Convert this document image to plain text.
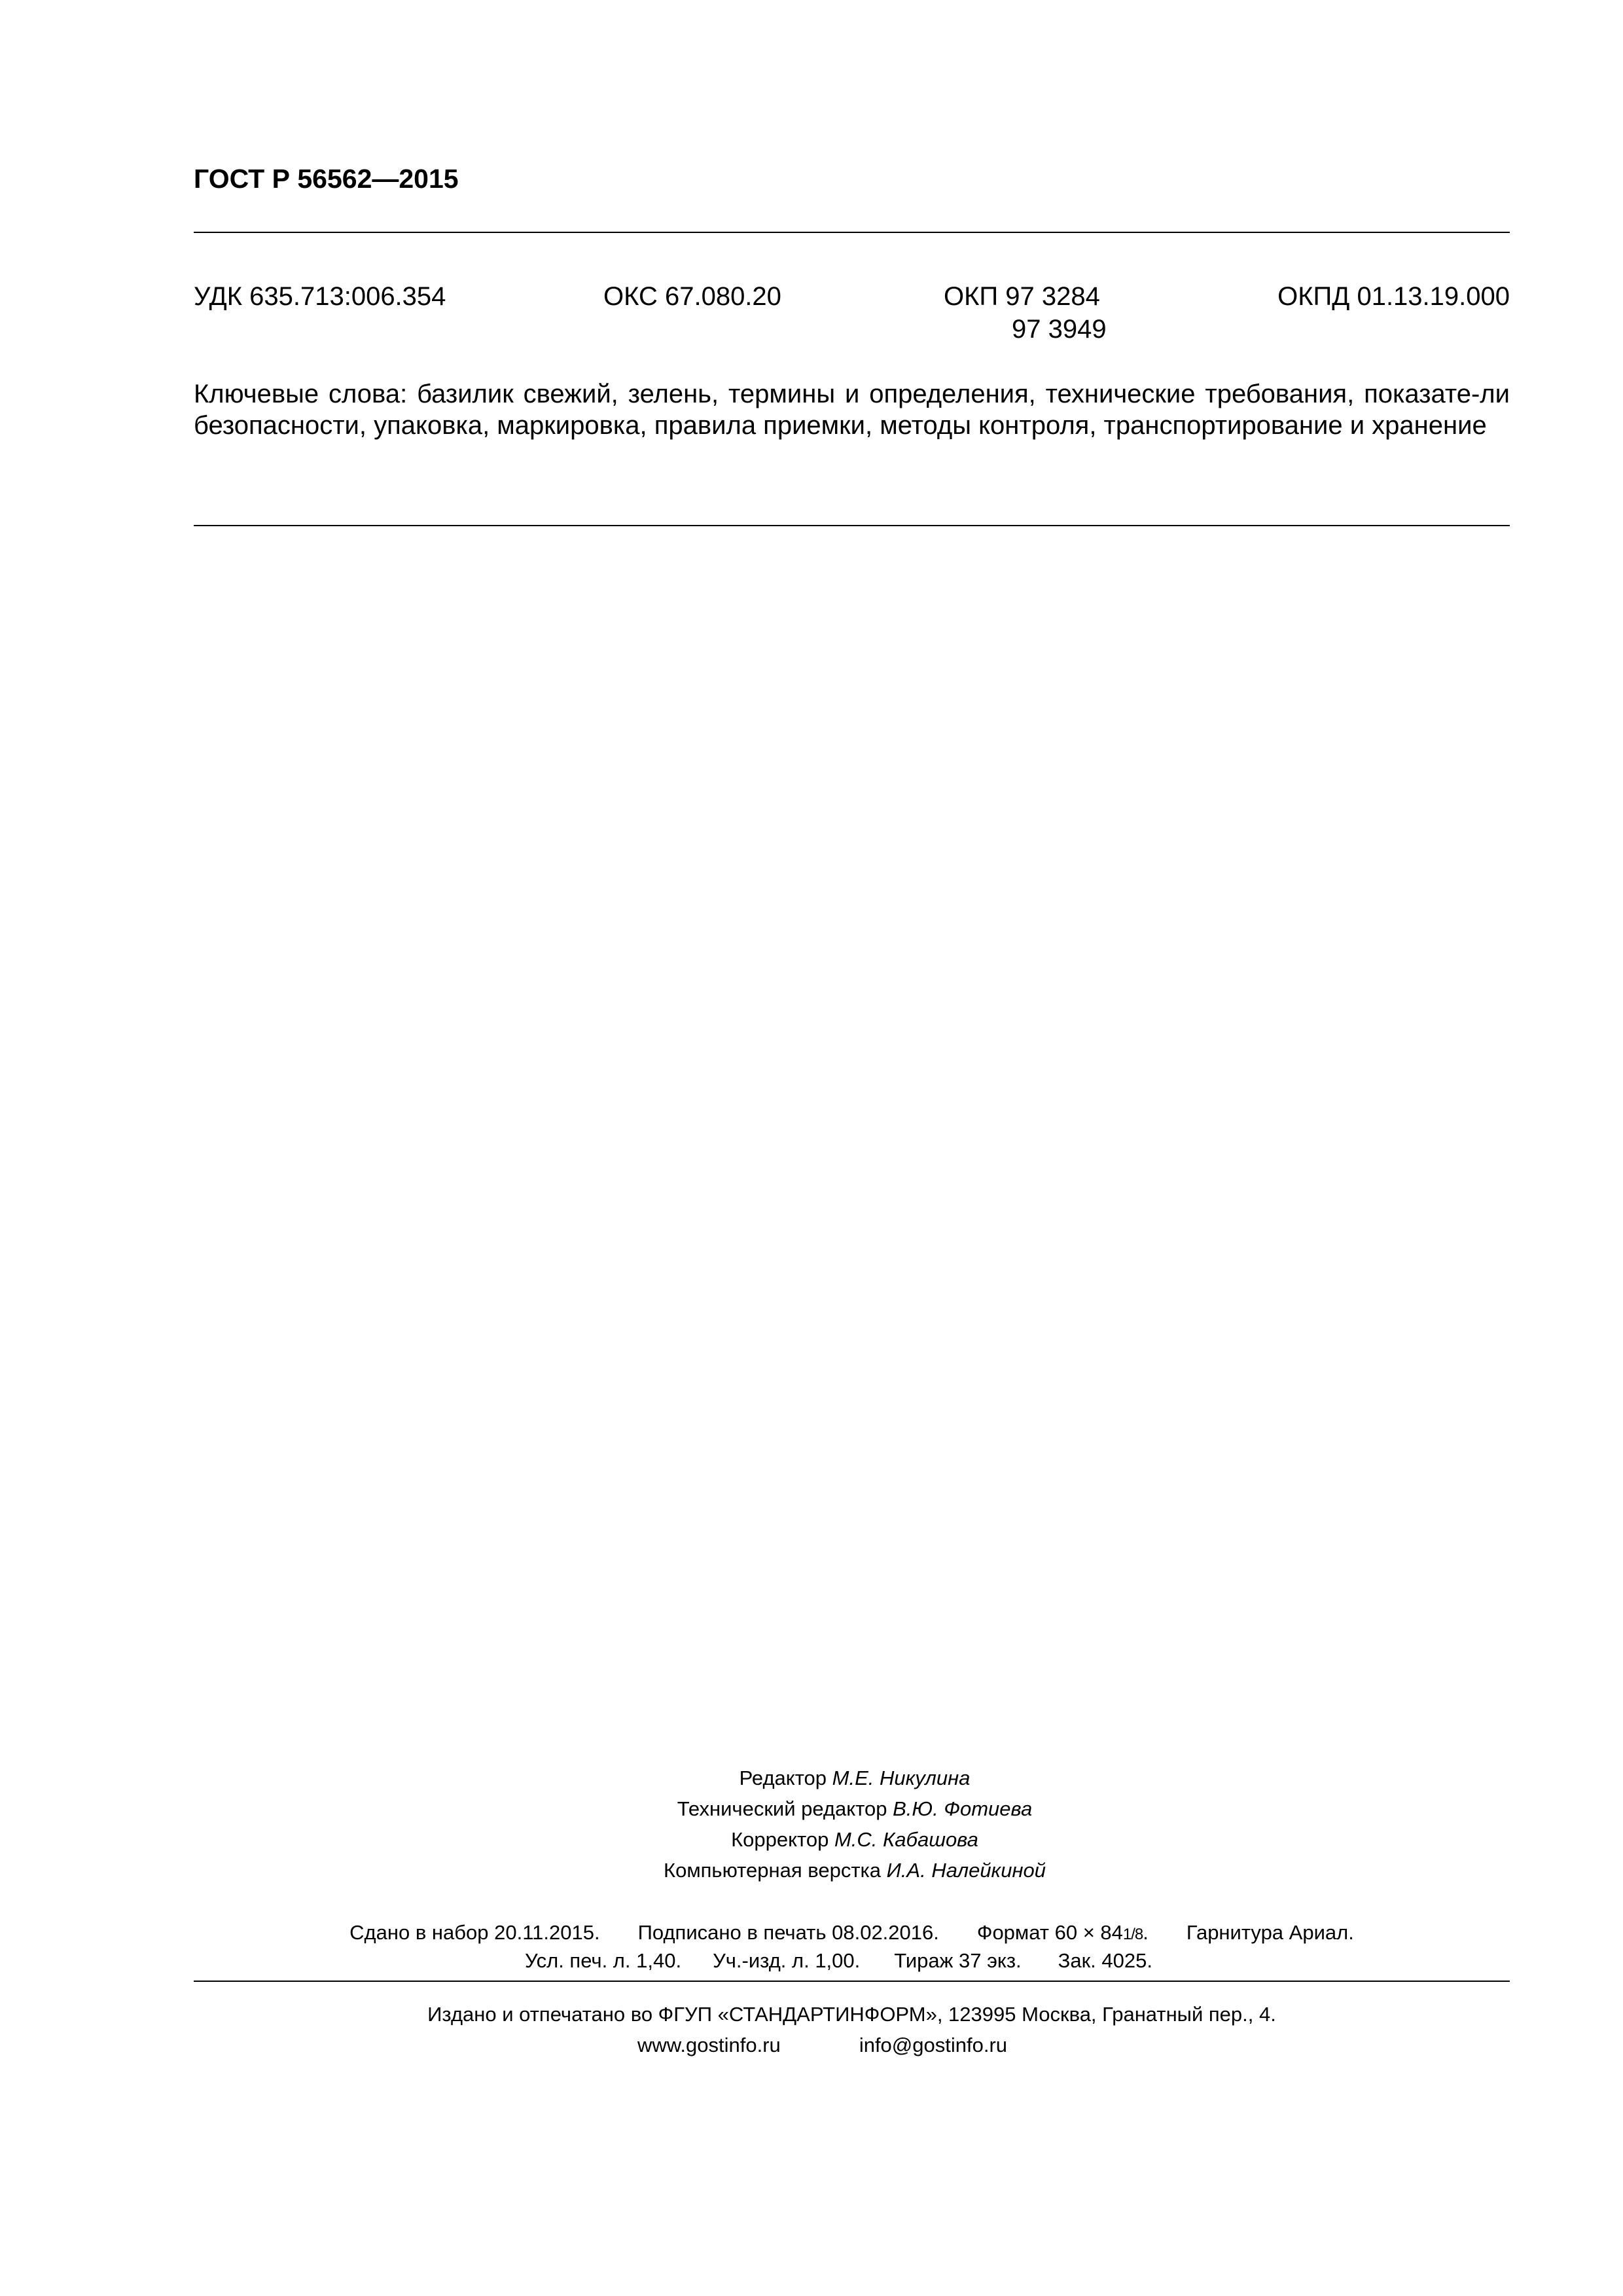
ГОСТ Р 56562—2015
УДК 635.713:006.354	ОКС 67.080.20	ОКП 97 3284
97 3949
ОКПД 01.13.19.000
Ключевые слова: базилик свежий, зелень, термины и определения, технические требования, показате-ли безопасности, упаковка, маркировка, правила приемки, методы контроля, транспортирование и хранение
Редактор М.Е. Никулина
Технический редактор В.Ю. Фотиева
Корректор М.С. Кабашова
Компьютерная верстка И.А. Налейкиной
Сдано в набор 20.11.2015. Подписано в печать 08.02.2016. Формат 60 × 841/8. Гарнитура Ариал.
Усл. печ. л. 1,40. Уч.-изд. л. 1,00. Тираж 37 экз. Зак. 4025.
Издано и отпечатано во ФГУП «СТАНДАРТИНФОРМ», 123995 Москва, Гранатный пер., 4.
www.gostinfo.ru	info@gostinfo.ru
